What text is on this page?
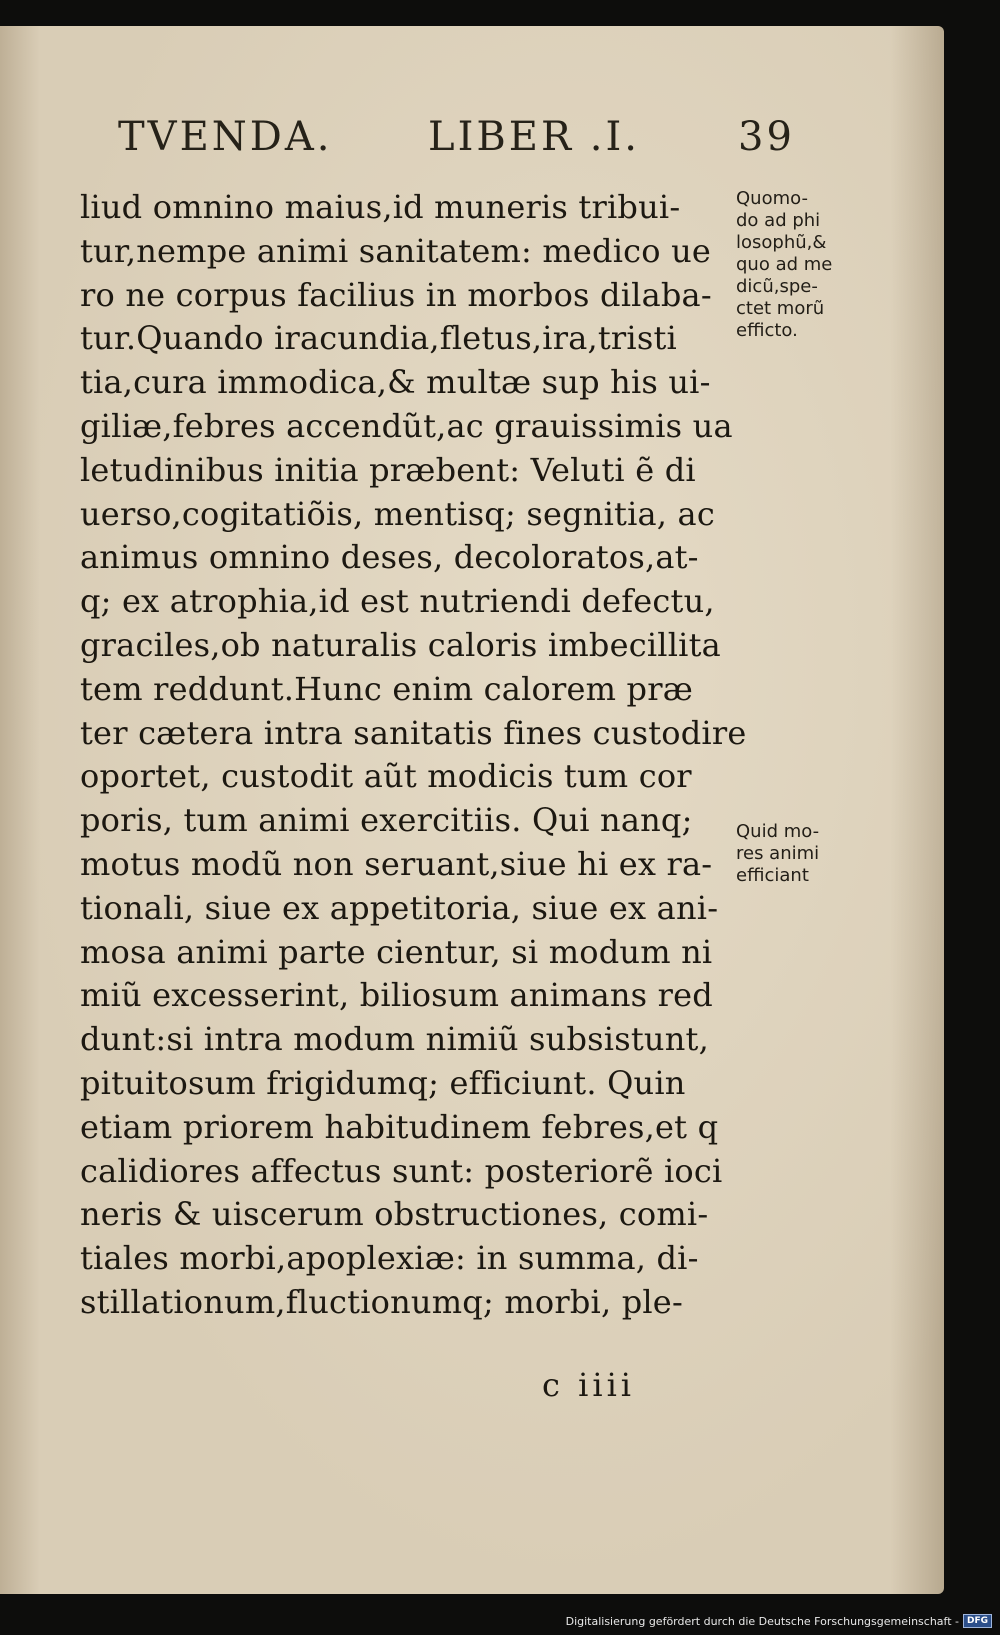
TVENDA. LIBER .I. 39
liud omnino maius,id muneris tribui-
tur,nempe animi sanitatem: medico ue
ro ne corpus facilius in morbos dilaba-
tur.Quando iracundia,fletus,ira,tristi
tia,cura immodica,& multæ sup his ui-
giliæ,febres accendũt,ac grauissimis ua
letudinibus initia præbent: Veluti ẽ di
uerso,cogitatiõis, mentisq; segnitia, ac
animus omnino deses, decoloratos,at-
q; ex atrophia,id est nutriendi defectu,
graciles,ob naturalis caloris imbecillita
tem reddunt.Hunc enim calorem præ
ter cætera intra sanitatis fines custodire
oportet, custodit aũt modicis tum cor
poris, tum animi exercitiis. Qui nanq;
motus modũ non seruant,siue hi ex ra-
tionali, siue ex appetitoria, siue ex ani-
mosa animi parte cientur, si modum ni
miũ excesserint, biliosum animans red
dunt:si intra modum nimiũ subsistunt,
pituitosum frigidumq; efficiunt. Quin
etiam priorem habitudinem febres,et q
calidiores affectus sunt: posteriorẽ ioci
neris & uiscerum obstructiones, comi-
tiales morbi,apoplexiæ: in summa, di-
stillationum,fluctionumq; morbi, ple-
Quomo-
do ad phi
losophũ,&
quo ad me
dicũ,spe-
ctet morũ
efficto.
Quid mo-
res animi
efficiant
c iiii
Digitalisierung gefördert durch die Deutsche Forschungsgemeinschaft - DFG
